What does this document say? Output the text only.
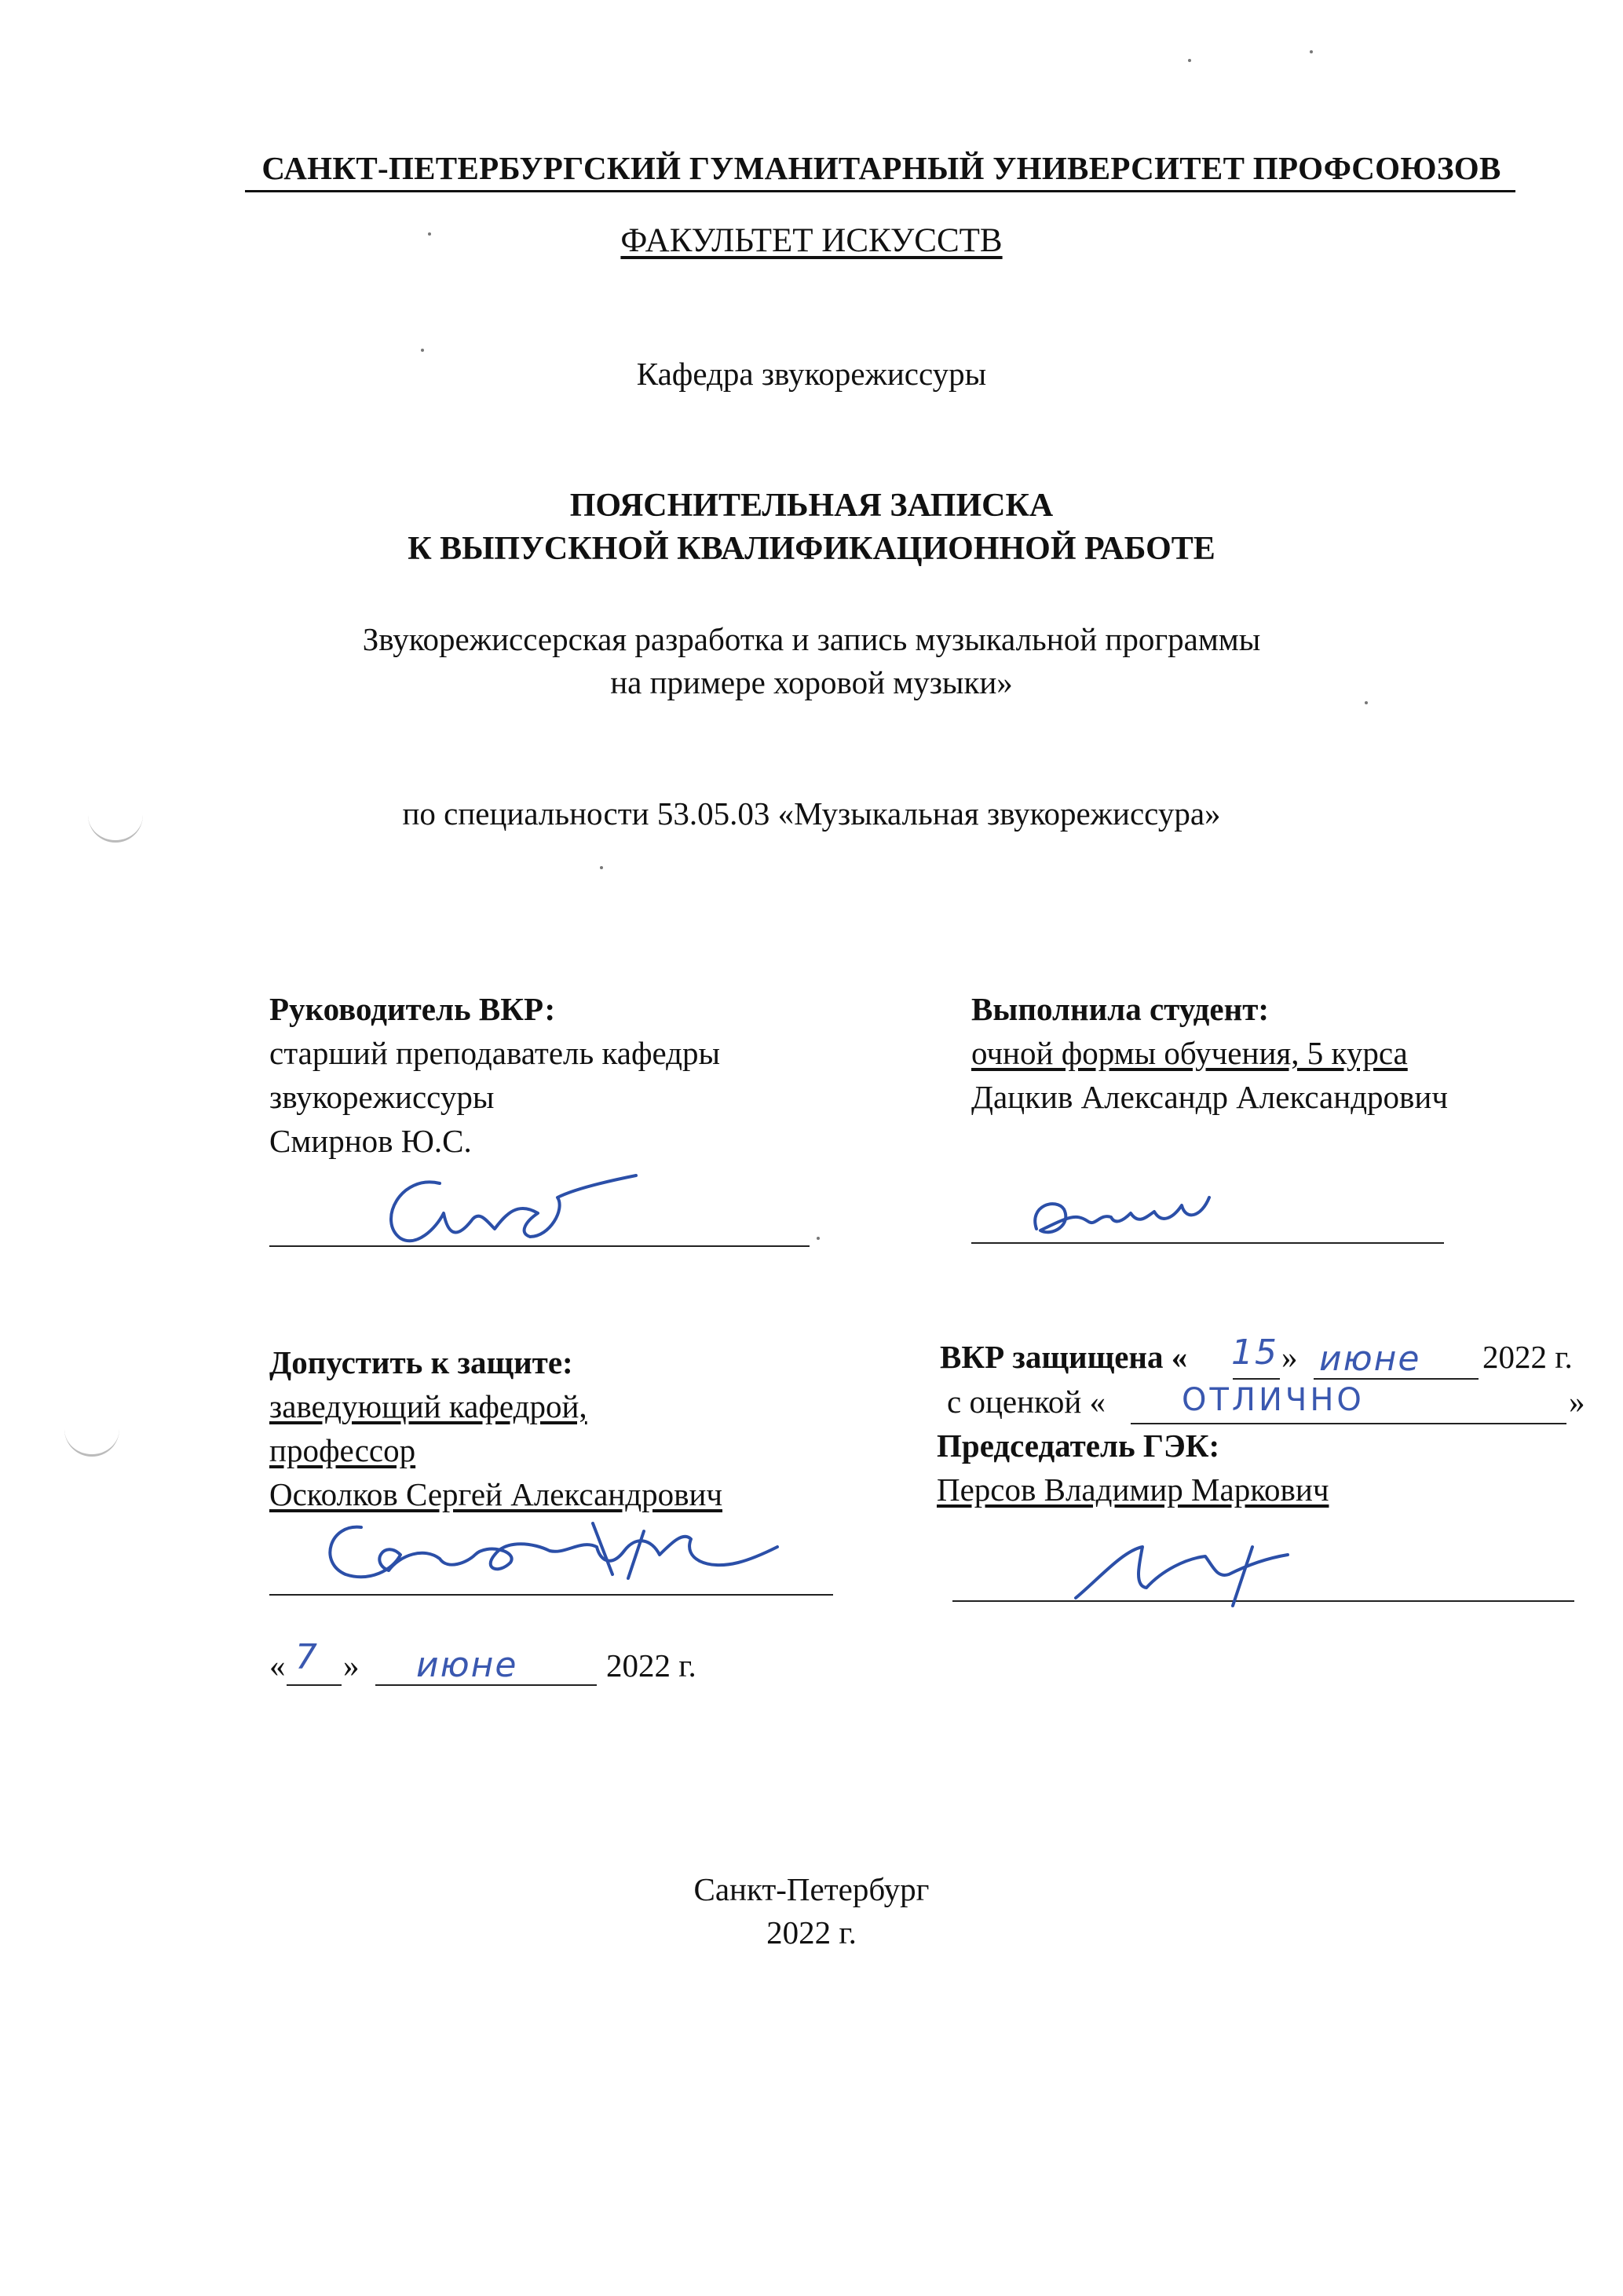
САНКТ-ПЕТЕРБУРГСКИЙ ГУМАНИТАРНЫЙ УНИВЕРСИТЕТ ПРОФСОЮЗОВ
ФАКУЛЬТЕТ ИСКУССТВ
Кафедра звукорежиссуры
ПОЯСНИТЕЛЬНАЯ ЗАПИСКА
К ВЫПУСКНОЙ КВАЛИФИКАЦИОННОЙ РАБОТЕ
Звукорежиссерская разработка и запись музыкальной программы
на примере хоровой музыки»
по специальности 53.05.03 «Музыкальная звукорежиссура»
Руководитель ВКР:
старший преподаватель кафедры
звукорежиссуры
Смирнов Ю.С.
Выполнила студент:
очной формы обучения, 5 курса
Дацкив Александр Александрович
Допустить к защите:
заведующий кафедрой,
профессор
Осколков Сергей Александрович
« 7 » июне	2022 г.
ВКР защищена « 15 » июне 2022 г.
с оценкой « ОТЛИЧНО	»
Председатель ГЭК:
Персов Владимир Маркович
Санкт-Петербург
2022 г.
